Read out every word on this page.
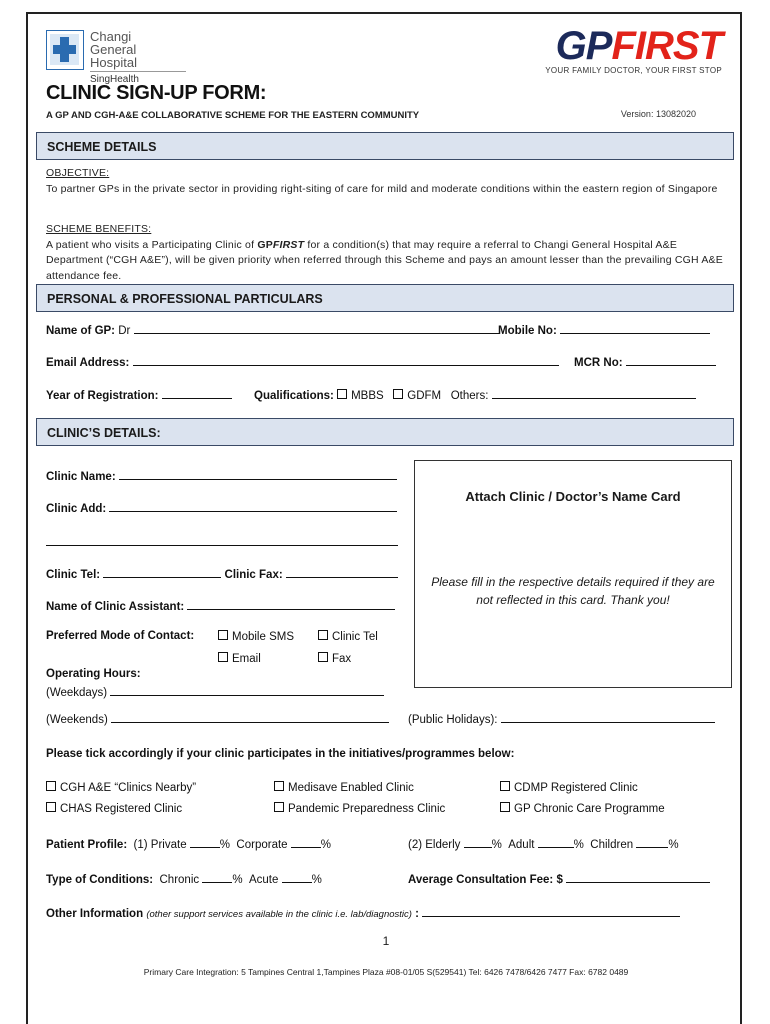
Changi
General Hospital
SingHealth
GPFIRST
YOUR FAMILY DOCTOR, YOUR FIRST STOP
CLINIC SIGN-UP FORM:
A GP AND CGH-A&E COLLABORATIVE SCHEME FOR THE EASTERN COMMUNITY	Version: 13082020
SCHEME DETAILS
OBJECTIVE:
To partner GPs in the private sector in providing right-siting of care for mild and moderate conditions within the eastern region of Singapore
SCHEME BENEFITS:
A patient who visits a Participating Clinic of GPFIRST for a condition(s) that may require a referral to Changi General Hospital A&E Department (“CGH A&E”), will be given priority when referred through this Scheme and pays an amount lesser than the prevailing CGH A&E attendance fee.
PERSONAL & PROFESSIONAL PARTICULARS
Name of GP: Dr	Mobile No:
Email Address:	MCR No:
Year of Registration:	Qualifications: MBBS GDFM Others:
CLINIC’S DETAILS:
Clinic Name:
Clinic Add:
Clinic Tel:	Clinic Fax:
Name of Clinic Assistant:
Preferred Mode of Contact:	Mobile SMS	Clinic Tel
Email	Fax
Operating Hours:
(Weekdays)
(Weekends)	(Public Holidays):
Attach Clinic / Doctor’s Name Card
Please fill in the respective details required if they are not reflected in this card. Thank you!
Please tick accordingly if your clinic participates in the initiatives/programmes below:
CGH A&E “Clinics Nearby”	Medisave Enabled Clinic	CDMP Registered Clinic
CHAS Registered Clinic	Pandemic Preparedness Clinic	GP Chronic Care Programme
Patient Profile: (1) Private	% Corporate	%	(2) Elderly	% Adult	% Children	%
Type of Conditions: Chronic	% Acute	%	Average Consultation Fee: $
Other Information (other support services available in the clinic i.e. lab/diagnostic) :
1
Primary Care Integration: 5 Tampines Central 1,Tampines Plaza #08-01/05 S(529541) Tel: 6426 7478/6426 7477 Fax: 6782 0489
